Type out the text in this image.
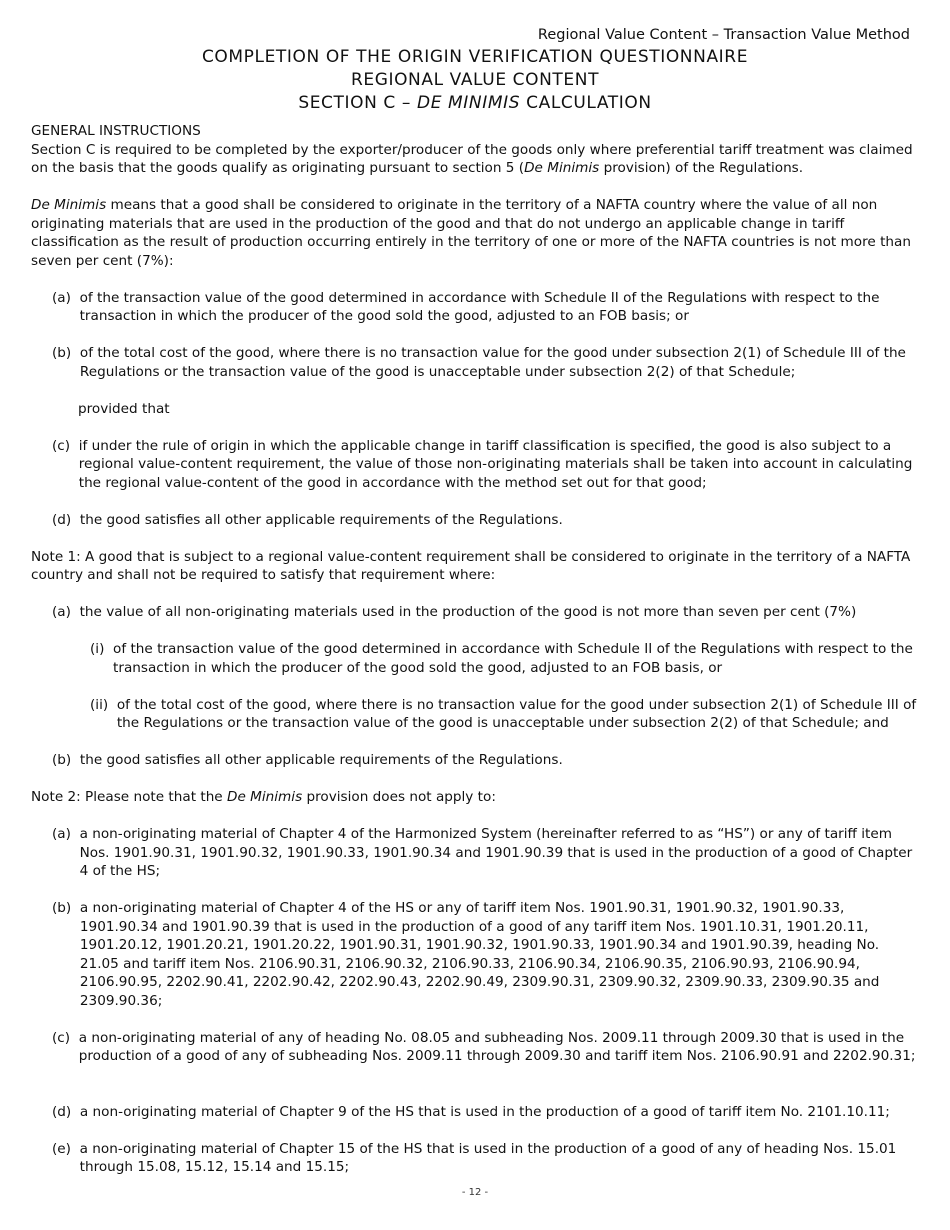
Regional Value Content – Transaction Value Method
COMPLETION OF THE ORIGIN VERIFICATION QUESTIONNAIRE
REGIONAL VALUE CONTENT
SECTION C – DE MINIMIS CALCULATION

GENERAL INSTRUCTIONS

Section C is required to be completed by the exporter/producer of the goods only where preferential tariff treatment was claimed on the basis that the goods qualify as originating pursuant to section 5 (De Minimis provision) of the Regulations.

De Minimis means that a good shall be considered to originate in the territory of a NAFTA country where the value of all non originating materials that are used in the production of the good and that do not undergo an applicable change in tariff classification as the result of production occurring entirely in the territory of one or more of the NAFTA countries is not more than seven per cent (7%):

(a) of the transaction value of the good determined in accordance with Schedule II of the Regulations with respect to the transaction in which the producer of the good sold the good, adjusted to an FOB basis; or
(b) of the total cost of the good, where there is no transaction value for the good under subsection 2(1) of Schedule III of the Regulations or the transaction value of the good is unacceptable under subsection 2(2) of that Schedule;

provided that

(c) if under the rule of origin in which the applicable change in tariff classification is specified, the good is also subject to a regional value-content requirement, the value of those non-originating materials shall be taken into account in calculating the regional value-content of the good in accordance with the method set out for that good;
(d) the good satisfies all other applicable requirements of the Regulations.

Note 1: A good that is subject to a regional value-content requirement shall be considered to originate in the territory of a NAFTA country and shall not be required to satisfy that requirement where:

(a) the value of all non-originating materials used in the production of the good is not more than seven per cent (7%)
(i) of the transaction value of the good determined in accordance with Schedule II of the Regulations with respect to the transaction in which the producer of the good sold the good, adjusted to an FOB basis, or
(ii) of the total cost of the good, where there is no transaction value for the good under subsection 2(1) of Schedule III of the Regulations or the transaction value of the good is unacceptable under subsection 2(2) of that Schedule; and
(b) the good satisfies all other applicable requirements of the Regulations.

Note 2: Please note that the De Minimis provision does not apply to:

(a) a non-originating material of Chapter 4 of the Harmonized System (hereinafter referred to as “HS”) or any of tariff item Nos. 1901.90.31, 1901.90.32, 1901.90.33, 1901.90.34 and 1901.90.39 that is used in the production of a good of Chapter 4 of the HS;
(b) a non-originating material of Chapter 4 of the HS or any of tariff item Nos. 1901.90.31, 1901.90.32, 1901.90.33, 1901.90.34 and 1901.90.39 that is used in the production of a good of any tariff item Nos. 1901.10.31, 1901.20.11, 1901.20.12, 1901.20.21, 1901.20.22, 1901.90.31, 1901.90.32, 1901.90.33, 1901.90.34 and 1901.90.39, heading No. 21.05 and tariff item Nos. 2106.90.31, 2106.90.32, 2106.90.33, 2106.90.34, 2106.90.35, 2106.90.93, 2106.90.94, 2106.90.95, 2202.90.41, 2202.90.42, 2202.90.43, 2202.90.49, 2309.90.31, 2309.90.32, 2309.90.33, 2309.90.35 and 2309.90.36;
(c) a non-originating material of any of heading No. 08.05 and subheading Nos. 2009.11 through 2009.30 that is used in the production of a good of any of subheading Nos. 2009.11 through 2009.30 and tariff item Nos. 2106.90.91 and 2202.90.31;
(d) a non-originating material of Chapter 9 of the HS that is used in the production of a good of tariff item No. 2101.10.11;
(e) a non-originating material of Chapter 15 of the HS that is used in the production of a good of any of heading Nos. 15.01 through 15.08, 15.12, 15.14 and 15.15;
- 12 -
